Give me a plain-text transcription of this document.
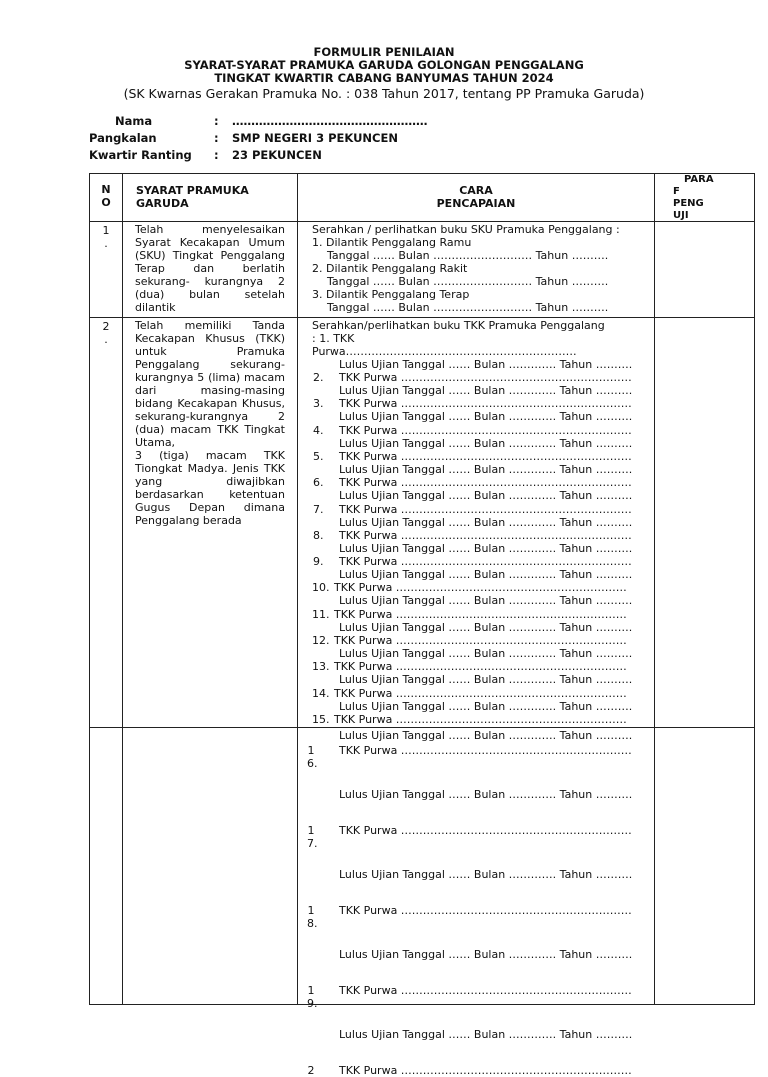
FORMULIR PENILAIAN
SYARAT-SYARAT PRAMUKA GARUDA GOLONGAN PENGGALANG
TINGKAT KWARTIR CABANG BANYUMAS TAHUN 2024
(SK Kwarnas Gerakan Pramuka No. : 038 Tahun 2017, tentang PP Pramuka Garuda)
Nama	: ……………………………………………
Pangkalan	: SMP NEGERI 3 PEKUNCEN
Kwartir Ranting : 23 PEKUNCEN
N
O
SYARAT PRAMUKA
GARUDA
CARA
PENCAPAIAN
PARA
F
PENG
UJI
1
.
Telah menyelesaikan Syarat Kecakapan Umum (SKU) Tingkat Penggalang Terap dan berlatih sekurang- kurangnya 2 (dua) bulan setelah dilantik
Serahkan / perlihatkan buku SKU Pramuka Penggalang :
1. Dilantik Penggalang Ramu
Tanggal …… Bulan ……………………… Tahun ……….
2. Dilantik Penggalang Rakit
Tanggal …… Bulan ……………………… Tahun ……….
3. Dilantik Penggalang Terap
Tanggal …… Bulan ……………………… Tahun ……….
2
.
Telah memiliki Tanda Kecakapan Khusus (TKK) untuk Pramuka Penggalang sekurang-kurangnya 5 (lima) macam dari masing-masing bidang Kecakapan Khusus, sekurang-kurangnya 2 (dua) macam TKK Tingkat Utama,
3 (tiga) macam TKK Tiongkat Madya. Jenis TKK yang diwajibkan berdasarkan ketentuan Gugus Depan dimana Penggalang berada
Serahkan/perlihatkan buku TKK Pramuka Penggalang
: 1. TKK
Purwa………………………………………………………
Lulus Ujian Tanggal …… Bulan …………. Tahun ……….
2. TKK Purwa ………………………………………………………
Lulus Ujian Tanggal …… Bulan …………. Tahun ……….
3. TKK Purwa ………………………………………………………
Lulus Ujian Tanggal …… Bulan …………. Tahun ……….
4. TKK Purwa ………………………………………………………
Lulus Ujian Tanggal …… Bulan …………. Tahun ……….
5. TKK Purwa ………………………………………………………
Lulus Ujian Tanggal …… Bulan …………. Tahun ……….
6. TKK Purwa ………………………………………………………
Lulus Ujian Tanggal …… Bulan …………. Tahun ……….
7. TKK Purwa ………………………………………………………
Lulus Ujian Tanggal …… Bulan …………. Tahun ……….
8. TKK Purwa ………………………………………………………
Lulus Ujian Tanggal …… Bulan …………. Tahun ……….
9. TKK Purwa ………………………………………………………
Lulus Ujian Tanggal …… Bulan …………. Tahun ……….
10. TKK Purwa ………………………………………………………
Lulus Ujian Tanggal …… Bulan …………. Tahun ……….
11. TKK Purwa ………………………………………………………
Lulus Ujian Tanggal …… Bulan …………. Tahun ……….
12. TKK Purwa ………………………………………………………
Lulus Ujian Tanggal …… Bulan …………. Tahun ……….
13. TKK Purwa ………………………………………………………
Lulus Ujian Tanggal …… Bulan …………. Tahun ……….
14. TKK Purwa ………………………………………………………
Lulus Ujian Tanggal …… Bulan …………. Tahun ……….
15. TKK Purwa ………………………………………………………
Lulus Ujian Tanggal …… Bulan …………. Tahun ……….
16.
TKK Purwa ………………………………………………………
Lulus Ujian Tanggal …… Bulan …………. Tahun ……….
17.
TKK Purwa ………………………………………………………
Lulus Ujian Tanggal …… Bulan …………. Tahun ……….
18.
TKK Purwa ………………………………………………………
Lulus Ujian Tanggal …… Bulan …………. Tahun ……….
19.
TKK Purwa ………………………………………………………
Lulus Ujian Tanggal …… Bulan …………. Tahun ……….
2 TKK Purwa ………………………………………………………
